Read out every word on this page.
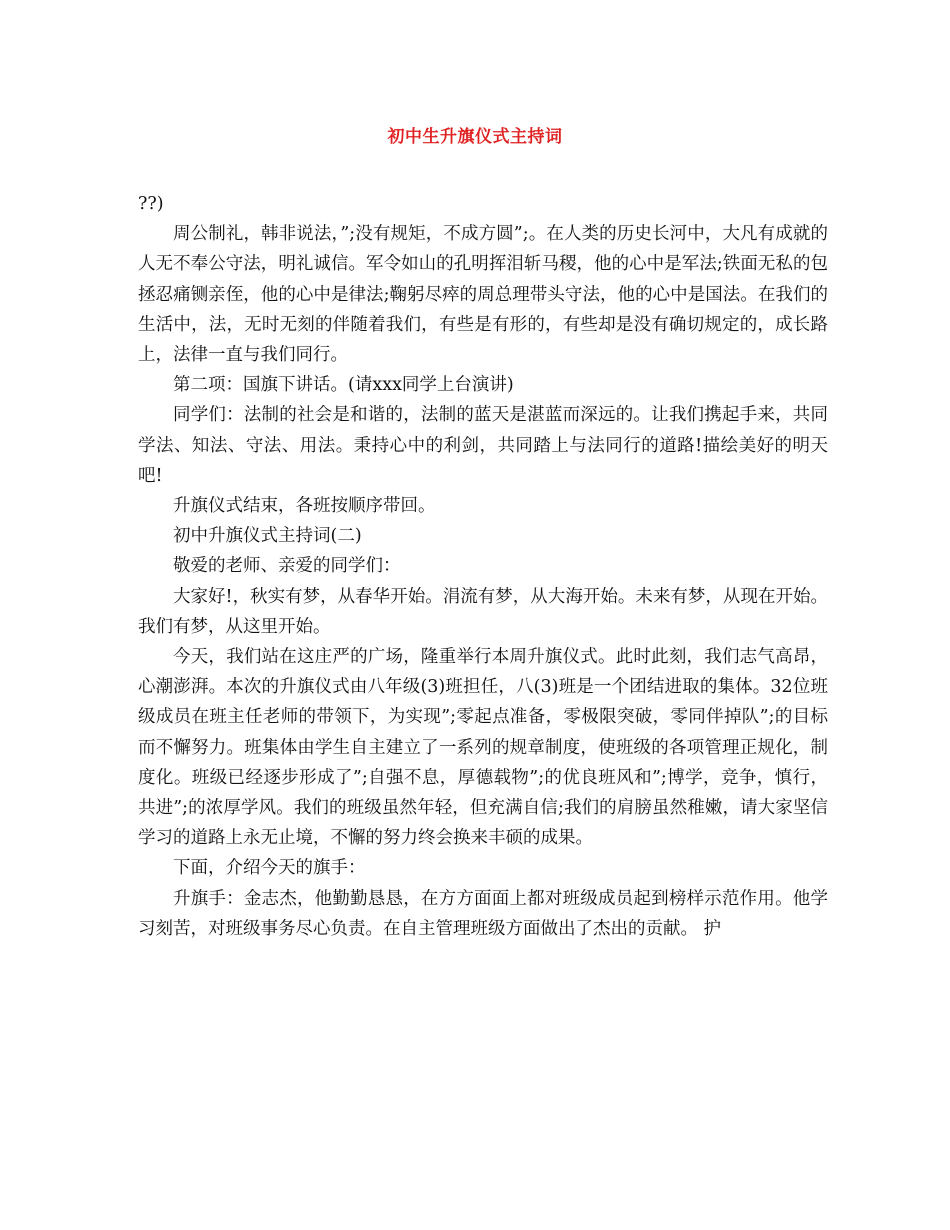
初中生升旗仪式主持词

??)

周公制礼，韩非说法，”;没有规矩，不成方圆”;。在人类的历史长河中，大凡有成就的人无不奉公守法，明礼诚信。军令如山的孔明挥泪斩马稷，他的心中是军法;铁面无私的包拯忍痛铡亲侄，他的心中是律法;鞠躬尽瘁的周总理带头守法，他的心中是国法。在我们的生活中，法，无时无刻的伴随着我们，有些是有形的，有些却是没有确切规定的，成长路上，法律一直与我们同行。

第二项：国旗下讲话。(请xxx同学上台演讲)

同学们：法制的社会是和谐的，法制的蓝天是湛蓝而深远的。让我们携起手来，共同学法、知法、守法、用法。秉持心中的利剑，共同踏上与法同行的道路!描绘美好的明天吧!

升旗仪式结束，各班按顺序带回。

初中升旗仪式主持词(二)

敬爱的老师、亲爱的同学们：

大家好!，秋实有梦，从春华开始。涓流有梦，从大海开始。未来有梦，从现在开始。我们有梦，从这里开始。

今天，我们站在这庄严的广场，隆重举行本周升旗仪式。此时此刻，我们志气高昂，心潮澎湃。本次的升旗仪式由八年级(3)班担任，八(3)班是一个团结进取的集体。32位班级成员在班主任老师的带领下，为实现”;零起点准备，零极限突破，零同伴掉队”;的目标而不懈努力。班集体由学生自主建立了一系列的规章制度，使班级的各项管理正规化，制度化。班级已经逐步形成了”;自强不息，厚德载物”;的优良班风和”;博学，竞争，慎行，共进”;的浓厚学风。我们的班级虽然年轻，但充满自信;我们的肩膀虽然稚嫩，请大家坚信学习的道路上永无止境，不懈的努力终会换来丰硕的成果。

下面，介绍今天的旗手：

升旗手：金志杰，他勤勤恳恳，在方方面面上都对班级成员起到榜样示范作用。他学习刻苦，对班级事务尽心负责。在自主管理班级方面做出了杰出的贡献。 护
